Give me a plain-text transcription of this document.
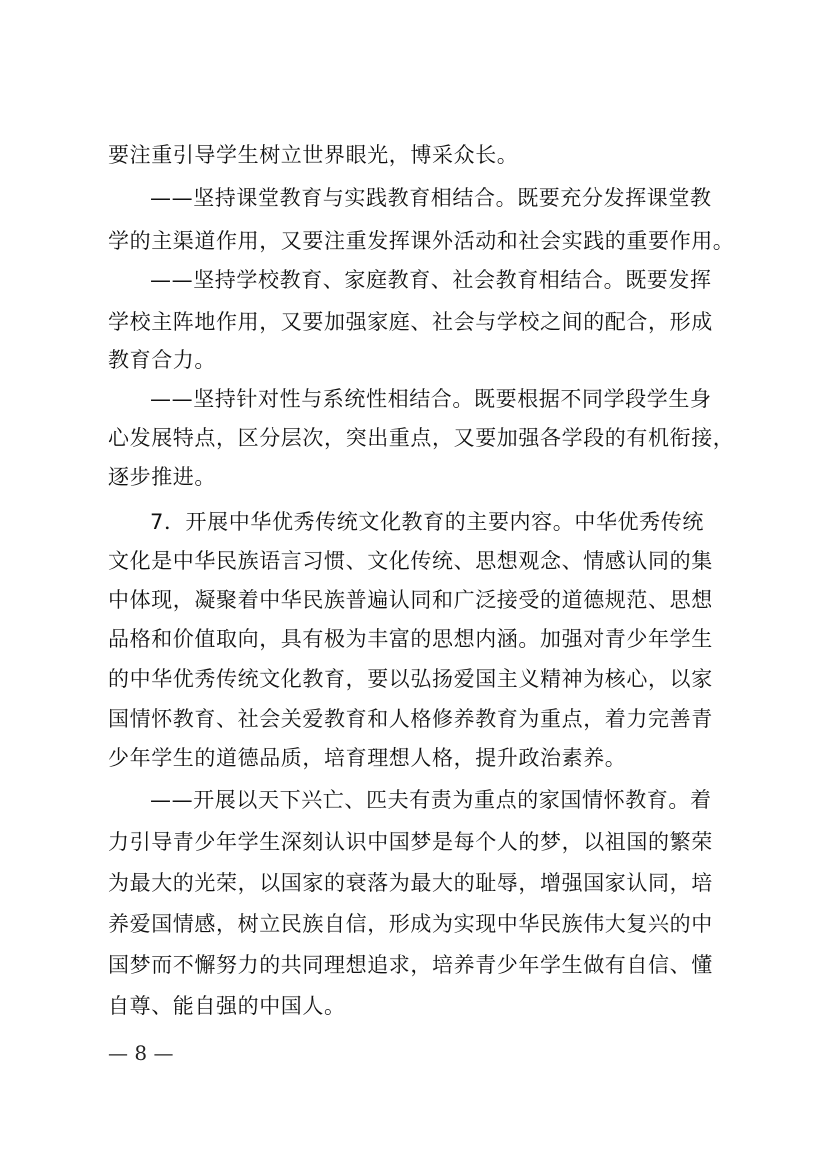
要注重引导学生树立世界眼光，博采众长。
——坚持课堂教育与实践教育相结合。既要充分发挥课堂教
学的主渠道作用，又要注重发挥课外活动和社会实践的重要作用。
——坚持学校教育、家庭教育、社会教育相结合。既要发挥
学校主阵地作用，又要加强家庭、社会与学校之间的配合，形成
教育合力。
——坚持针对性与系统性相结合。既要根据不同学段学生身
心发展特点，区分层次，突出重点，又要加强各学段的有机衔接，
逐步推进。
7．开展中华优秀传统文化教育的主要内容。中华优秀传统
文化是中华民族语言习惯、文化传统、思想观念、情感认同的集
中体现，凝聚着中华民族普遍认同和广泛接受的道德规范、思想
品格和价值取向，具有极为丰富的思想内涵。加强对青少年学生
的中华优秀传统文化教育，要以弘扬爱国主义精神为核心，以家
国情怀教育、社会关爱教育和人格修养教育为重点，着力完善青
少年学生的道德品质，培育理想人格，提升政治素养。
——开展以天下兴亡、匹夫有责为重点的家国情怀教育。着
力引导青少年学生深刻认识中国梦是每个人的梦，以祖国的繁荣
为最大的光荣，以国家的衰落为最大的耻辱，增强国家认同，培
养爱国情感，树立民族自信，形成为实现中华民族伟大复兴的中
国梦而不懈努力的共同理想追求，培养青少年学生做有自信、懂
自尊、能自强的中国人。
— 8 —
